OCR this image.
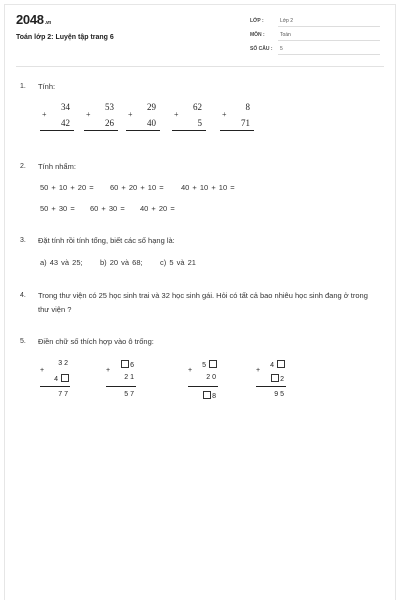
2048.vn
Toán lớp 2: Luyện tập trang 6
LỚP :	Lớp 2
MÔN :	Toán
SỐ CÂU : 5
1. Tính:
34
+
42
53
+
26
29
+
40
62
+
5
8
+
71
2. Tính nhẩm:
50 + 10 + 20 = 60 + 20 + 10 = 40 + 10 + 10 =
50 + 30 = 60 + 30 = 40 + 20 =
3. Đặt tính rồi tính tổng, biết các số hạng là:
a) 43 và 25; b) 20 và 68; c) 5 và 21
4. Trong thư viện có 25 học sinh trai và 32 học sinh gái. Hỏi có tất cả bao nhiêu học sinh đang ở trong thư viện ?
5. Điền chữ số thích hợp vào ô trống:
32
+
4
77
6
+
21
57
5
+
20
8
4
+
2
95
